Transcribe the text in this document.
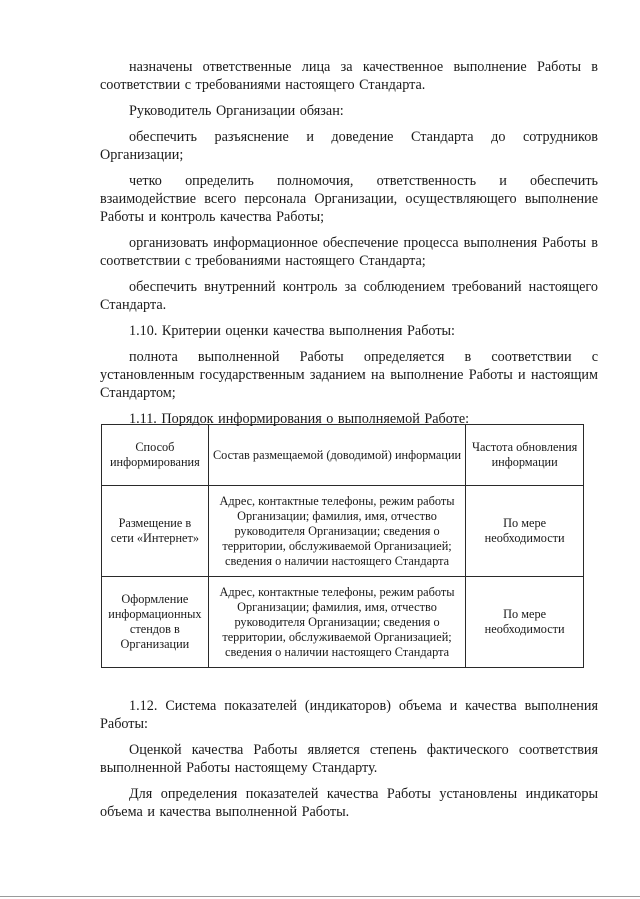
назначены ответственные лица за качественное выполнение Работы в соответствии с требованиями настоящего Стандарта.

Руководитель Организации обязан:

обеспечить разъяснение и доведение Стандарта до сотрудников Организации;

четко определить полномочия, ответственность и обеспечить взаимодействие всего персонала Организации, осуществляющего выполнение Работы и контроль качества Работы;

организовать информационное обеспечение процесса выполнения Работы в соответствии с требованиями настоящего Стандарта;

обеспечить внутренний контроль за соблюдением требований настоящего Стандарта.

1.10. Критерии оценки качества выполнения Работы:

полнота выполненной Работы определяется в соответствии с установленным государственным заданием на выполнение Работы и настоящим Стандартом;

1.11. Порядок информирования о выполняемой Работе:

Способ информирования	Состав размещаемой (доводимой) информации	Частота обновления информации
Размещение в сети «Интернет»	Адрес, контактные телефоны, режим работы Организации; фамилия, имя, отчество руководителя Организации; сведения о территории, обслуживаемой Организацией; сведения о наличии настоящего Стандарта	По мере необходимости
Оформление информационных стендов в Организации	Адрес, контактные телефоны, режим работы Организации; фамилия, имя, отчество руководителя Организации; сведения о территории, обслуживаемой Организацией; сведения о наличии настоящего Стандарта	По мере необходимости

1.12. Система показателей (индикаторов) объема и качества выполнения Работы:

Оценкой качества Работы является степень фактического соответствия выполненной Работы настоящему Стандарту.

Для определения показателей качества Работы установлены индикаторы объема и качества выполненной Работы.
